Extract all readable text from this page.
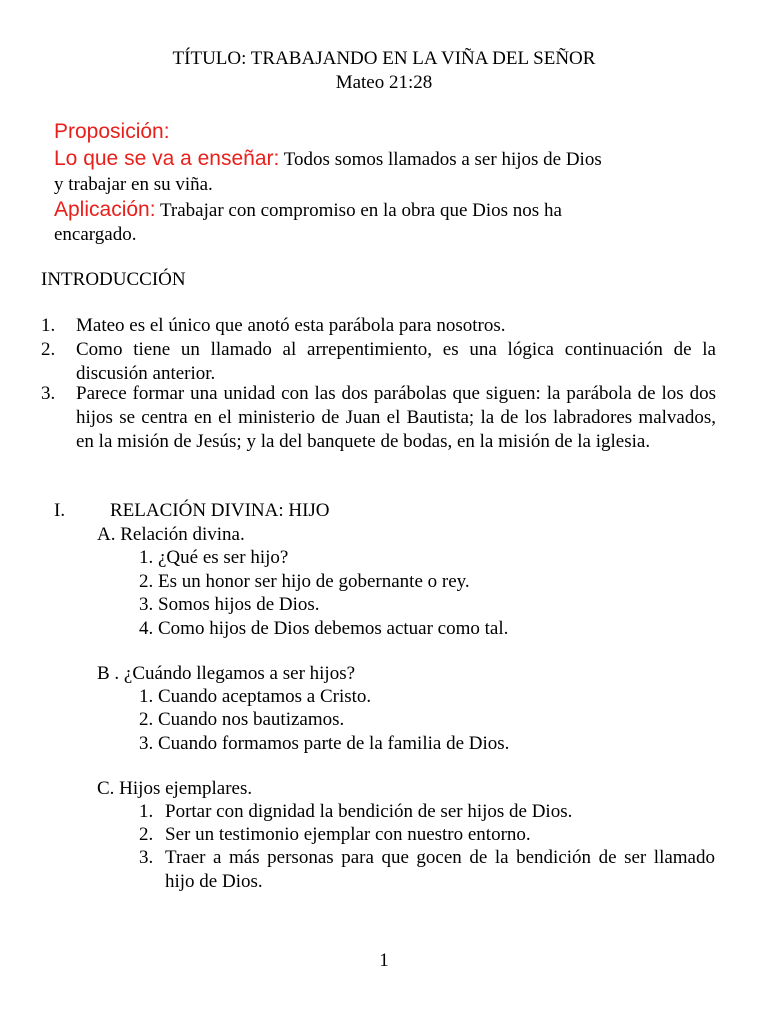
TÍTULO: TRABAJANDO EN LA VIÑA DEL SEÑOR
Mateo 21:28
Proposición:
Lo que se va a enseñar: Todos somos llamados a ser hijos de Dios
y trabajar en su viña.
Aplicación: Trabajar con compromiso en la obra que Dios nos ha
encargado.
INTRODUCCIÓN
1. Mateo es el único que anotó esta parábola para nosotros.
2. Como tiene un llamado al arrepentimiento, es una lógica continuación de la discusión anterior.
3. Parece formar una unidad con las dos parábolas que siguen: la parábola de los dos hijos se centra en el ministerio de Juan el Bautista; la de los labradores malvados, en la misión de Jesús; y la del banquete de bodas, en la misión de la iglesia.
I. RELACIÓN DIVINA: HIJO
A. Relación divina.
1. ¿Qué es ser hijo?
2. Es un honor ser hijo de gobernante o rey.
3. Somos hijos de Dios.
4. Como hijos de Dios debemos actuar como tal.
B . ¿Cuándo llegamos a ser hijos?
1. Cuando aceptamos a Cristo.
2. Cuando nos bautizamos.
3. Cuando formamos parte de la familia de Dios.
C. Hijos ejemplares.
1. Portar con dignidad la bendición de ser hijos de Dios.
2. Ser un testimonio ejemplar con nuestro entorno.
3. Traer a más personas para que gocen de la bendición de ser llamado hijo de Dios.
1
